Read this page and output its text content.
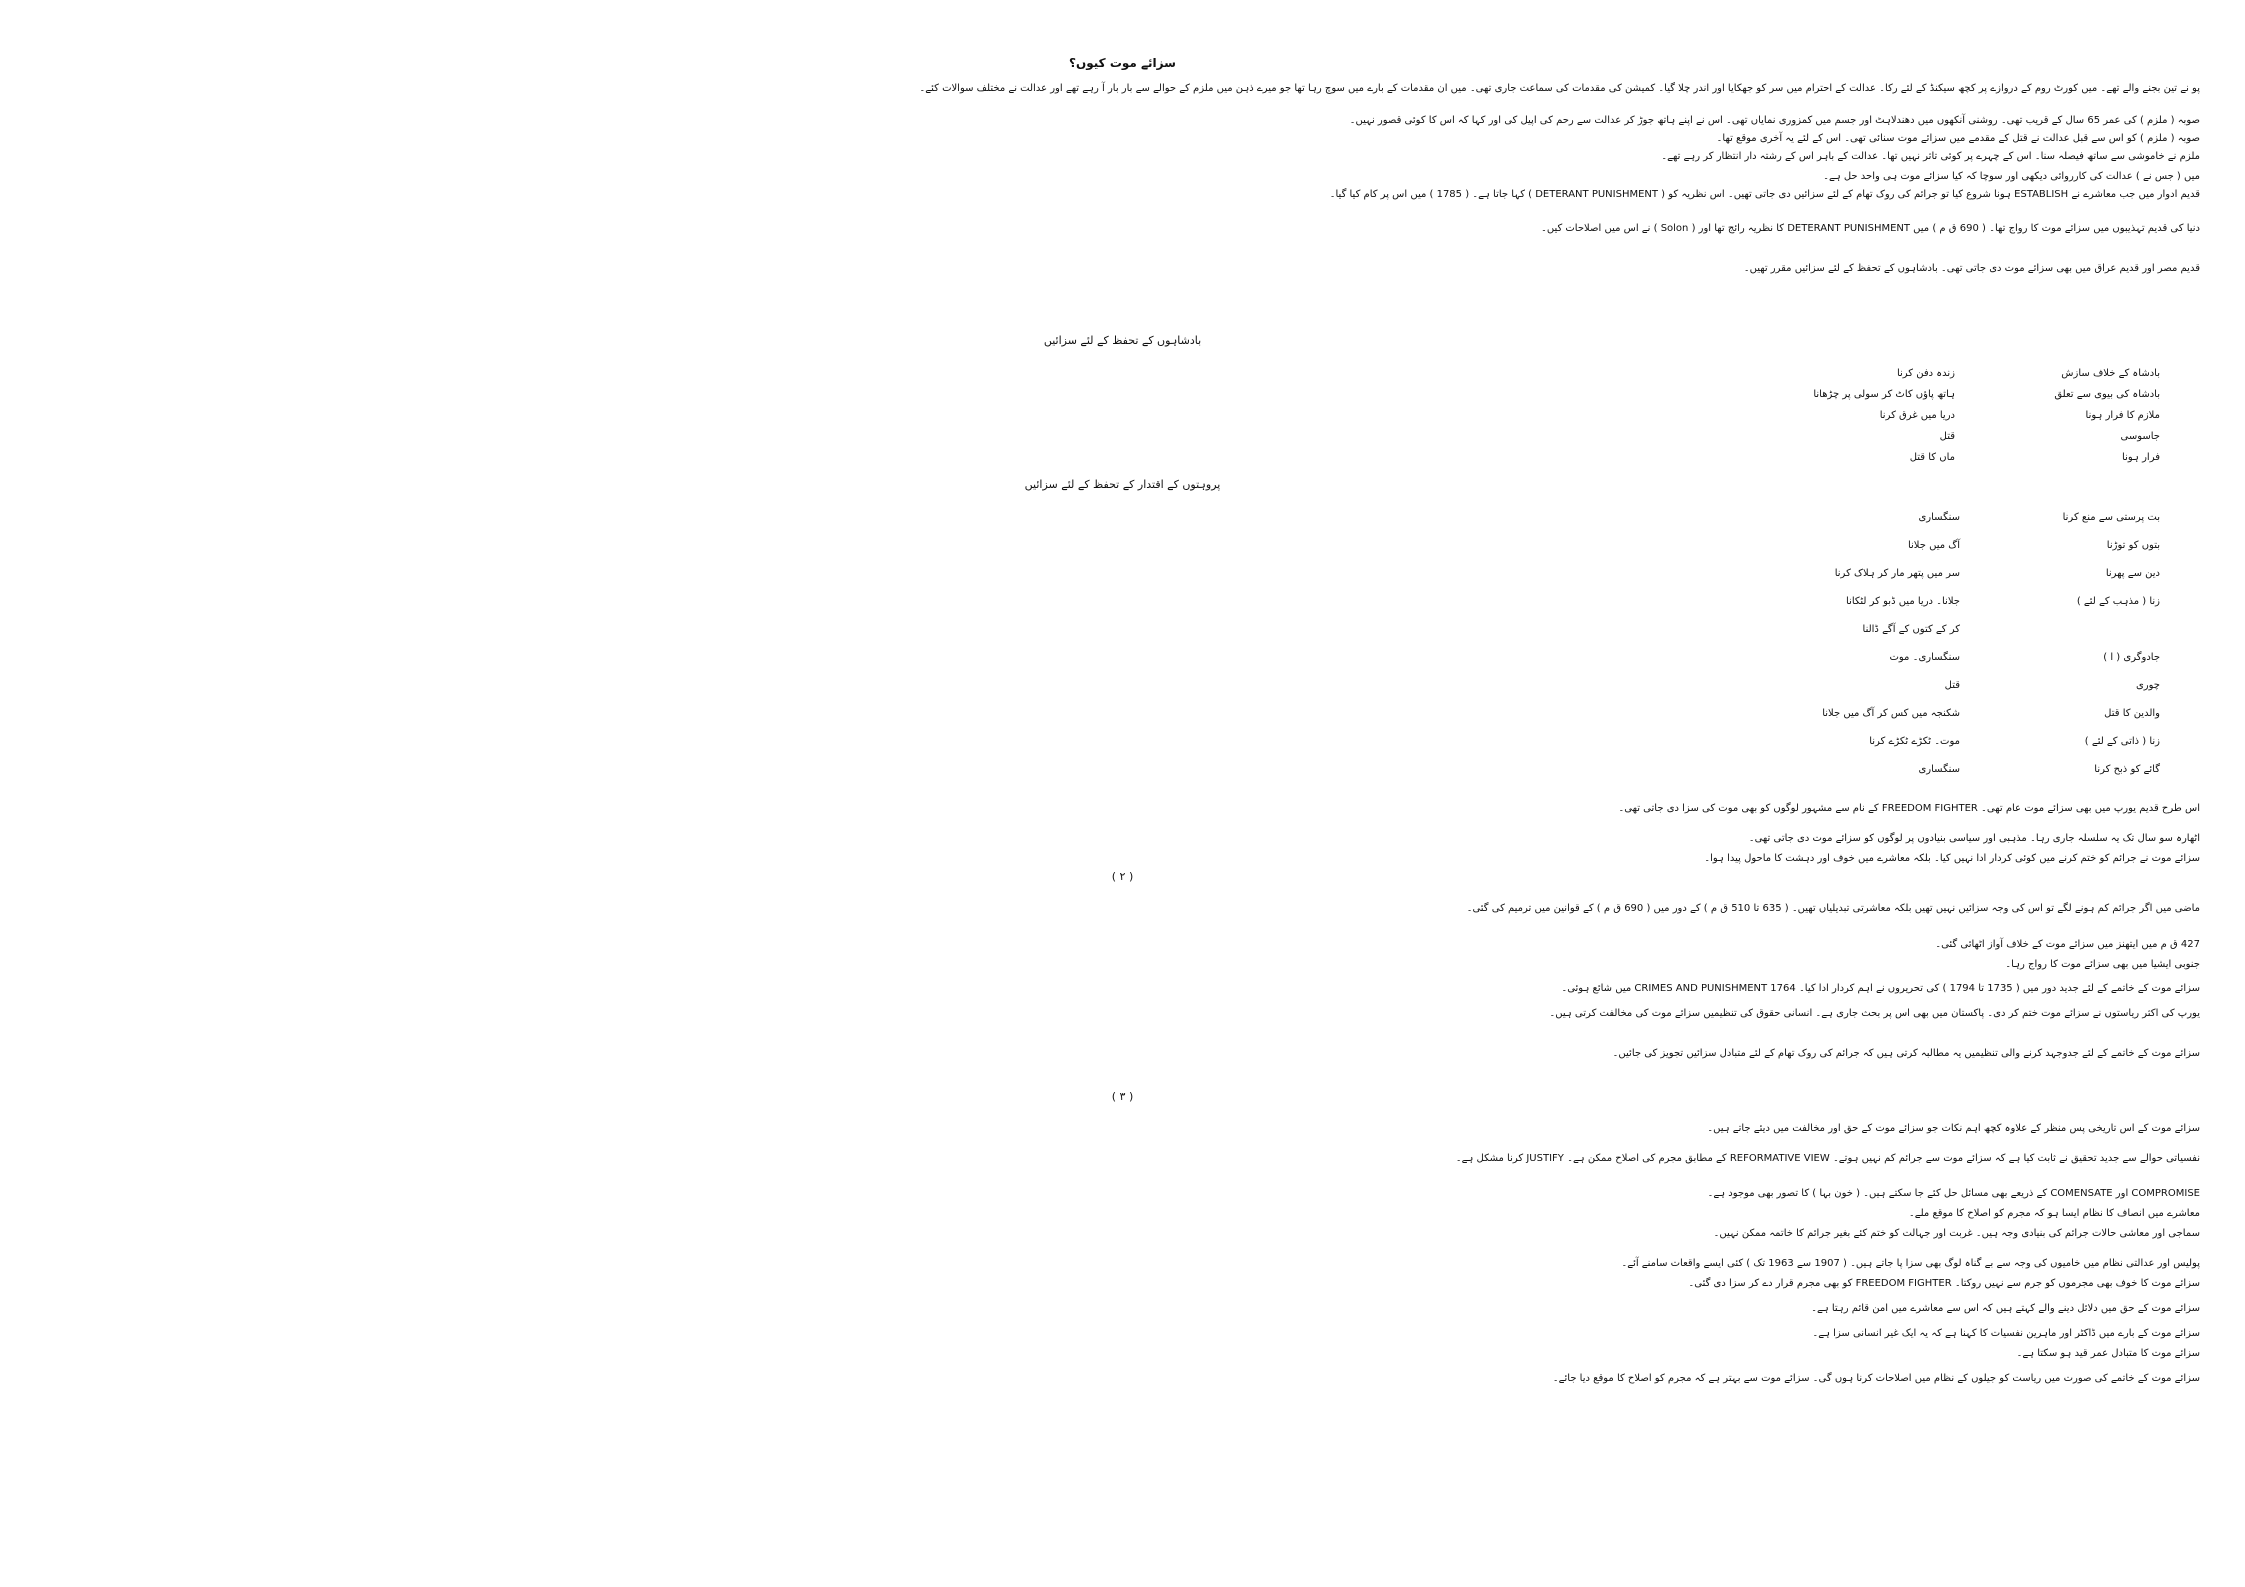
سزائے موت کیوں؟
پو نے تین بجنے والے تھے۔ میں کورٹ روم کے دروازے پر کچھ سیکنڈ کے لئے رکا۔ عدالت کے احترام میں سر کو جھکایا اور اندر چلا گیا۔ کمیشن کی مقدمات کی سماعت جاری تھی۔ میں ان مقدمات کے بارے میں سوچ رہا تھا جو میرے ذہن میں ملزم کے حوالے سے بار بار آ رہے تھے اور عدالت نے مختلف سوالات کئے۔
صوبہ ( ملزم ) کی عمر 65 سال کے قریب تھی۔ روشنی آنکھوں میں دھندلاہٹ اور جسم میں کمزوری نمایاں تھی۔ اس نے اپنے ہاتھ جوڑ کر عدالت سے رحم کی اپیل کی اور کہا کہ اس کا کوئی قصور نہیں۔
صوبہ ( ملزم ) کو اس سے قبل عدالت نے قتل کے مقدمے میں سزائے موت سنائی تھی۔ اس کے لئے یہ آخری موقع تھا۔
ملزم نے خاموشی سے ساتھ فیصلہ سنا۔ اس کے چہرے پر کوئی تاثر نہیں تھا۔ عدالت کے باہر اس کے رشتہ دار انتظار کر رہے تھے۔
میں ( جس نے ) عدالت کی کارروائی دیکھی اور سوچا کہ کیا سزائے موت ہی واحد حل ہے۔
قدیم ادوار میں جب معاشرے نے ESTABLISH ہونا شروع کیا تو جرائم کی روک تھام کے لئے سزائیں دی جاتی تھیں۔ اس نظریہ کو ( DETERANT PUNISHMENT ) کہا جاتا ہے۔ ( 1785 ) میں اس پر کام کیا گیا۔
دنیا کی قدیم تہذیبوں میں سزائے موت کا رواج تھا۔ ( 690 ق م ) میں DETERANT PUNISHMENT کا نظریہ رائج تھا اور ( Solon ) نے اس میں اصلاحات کیں۔
قدیم مصر اور قدیم عراق میں بھی سزائے موت دی جاتی تھی۔ بادشاہوں کے تحفظ کے لئے سزائیں مقرر تھیں۔
بادشاہوں کے تحفظ کے لئے سزائیں
بادشاہ کے خلاف سازش
زندہ دفن کرنا
بادشاہ کی بیوی سے تعلق
ہاتھ پاؤں کاٹ کر سولی پر چڑھانا
ملازم کا فرار ہونا
دریا میں غرق کرنا
جاسوسی
قتل
فرار ہونا
ماں کا قتل
پروہتوں کے اقتدار کے تحفظ کے لئے سزائیں
بت پرستی سے منع کرنا
سنگساری
بتوں کو توڑنا
آگ میں جلانا
دین سے پھرنا
سر میں پتھر مار کر ہلاک کرنا
زنا ( مذہب کے لئے )
جلانا۔ دریا میں ڈبو کر لٹکانا
کر کے کتوں کے آگے ڈالنا
جادوگری ( ا )
سنگساری۔ موت
چوری
قتل
والدین کا قتل
شکنجہ میں کس کر آگ میں جلانا
زنا ( ذاتی کے لئے )
موت۔ ٹکڑے ٹکڑے کرنا
گائے کو ذبح کرنا
سنگساری
اس طرح قدیم یورپ میں بھی سزائے موت عام تھی۔ FREEDOM FIGHTER کے نام سے مشہور لوگوں کو بھی موت کی سزا دی جاتی تھی۔
اٹھارہ سو سال تک یہ سلسلہ جاری رہا۔ مذہبی اور سیاسی بنیادوں پر لوگوں کو سزائے موت دی جاتی تھی۔
سزائے موت نے جرائم کو ختم کرنے میں کوئی کردار ادا نہیں کیا۔ بلکہ معاشرے میں خوف اور دہشت کا ماحول پیدا ہوا۔
( ۲ )
ماضی میں اگر جرائم کم ہونے لگے تو اس کی وجہ سزائیں نہیں تھیں بلکہ معاشرتی تبدیلیاں تھیں۔ ( 635 تا 510 ق م ) کے دور میں ( 690 ق م ) کے قوانین میں ترمیم کی گئی۔
427 ق م میں ایتھنز میں سزائے موت کے خلاف آواز اٹھائی گئی۔
جنوبی ایشیا میں بھی سزائے موت کا رواج رہا۔
سزائے موت کے خاتمے کے لئے جدید دور میں ( 1735 تا 1794 ) کی تحریروں نے اہم کردار ادا کیا۔ CRIMES AND PUNISHMENT 1764 میں شائع ہوئی۔
یورپ کی اکثر ریاستوں نے سزائے موت ختم کر دی۔ پاکستان میں بھی اس پر بحث جاری ہے۔ انسانی حقوق کی تنظیمیں سزائے موت کی مخالفت کرتی ہیں۔
سزائے موت کے خاتمے کے لئے جدوجہد کرنے والی تنظیمیں یہ مطالبہ کرتی ہیں کہ جرائم کی روک تھام کے لئے متبادل سزائیں تجویز کی جائیں۔
( ۳ )
سزائے موت کے اس تاریخی پس منظر کے علاوہ کچھ اہم نکات جو سزائے موت کے حق اور مخالفت میں دیئے جاتے ہیں۔
نفسیاتی حوالے سے جدید تحقیق نے ثابت کیا ہے کہ سزائے موت سے جرائم کم نہیں ہوتے۔ REFORMATIVE VIEW کے مطابق مجرم کی اصلاح ممکن ہے۔ JUSTIFY کرنا مشکل ہے۔
COMPROMISE اور COMENSATE کے ذریعے بھی مسائل حل کئے جا سکتے ہیں۔ ( خون بہا ) کا تصور بھی موجود ہے۔
معاشرے میں انصاف کا نظام ایسا ہو کہ مجرم کو اصلاح کا موقع ملے۔
سماجی اور معاشی حالات جرائم کی بنیادی وجہ ہیں۔ غربت اور جہالت کو ختم کئے بغیر جرائم کا خاتمہ ممکن نہیں۔
پولیس اور عدالتی نظام میں خامیوں کی وجہ سے بے گناہ لوگ بھی سزا پا جاتے ہیں۔ ( 1907 سے 1963 تک ) کئی ایسے واقعات سامنے آئے۔
سزائے موت کا خوف بھی مجرموں کو جرم سے نہیں روکتا۔ FREEDOM FIGHTER کو بھی مجرم قرار دے کر سزا دی گئی۔
سزائے موت کے حق میں دلائل دینے والے کہتے ہیں کہ اس سے معاشرے میں امن قائم رہتا ہے۔
سزائے موت کے بارے میں ڈاکٹر اور ماہرین نفسیات کا کہنا ہے کہ یہ ایک غیر انسانی سزا ہے۔
سزائے موت کا متبادل عمر قید ہو سکتا ہے۔
سزائے موت کے خاتمے کی صورت میں ریاست کو جیلوں کے نظام میں اصلاحات کرنا ہوں گی۔ سزائے موت سے بہتر ہے کہ مجرم کو اصلاح کا موقع دیا جائے۔
